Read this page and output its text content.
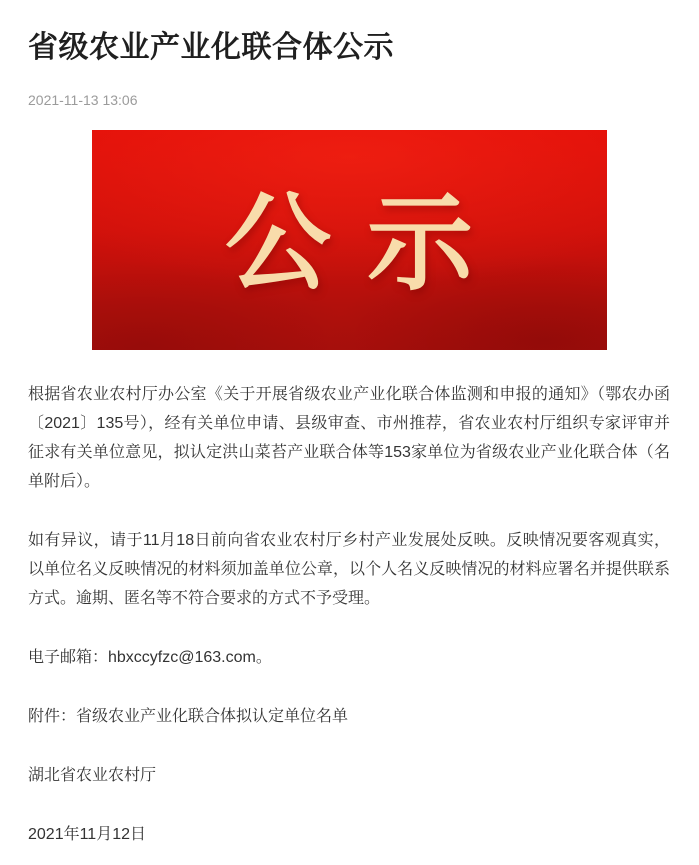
省级农业产业化联合体公示
2021-11-13 13:06
公示

根据省农业农村厅办公室《关于开展省级农业产业化联合体监测和申报的通知》（鄂农办函〔2021〕135号），经有关单位申请、县级审查、市州推荐，省农业农村厅组织专家评审并征求有关单位意见，拟认定洪山菜苔产业联合体等153家单位为省级农业产业化联合体（名单附后）。

如有异议，请于11月18日前向省农业农村厅乡村产业发展处反映。反映情况要客观真实，以单位名义反映情况的材料须加盖单位公章，以个人名义反映情况的材料应署名并提供联系方式。逾期、匿名等不符合要求的方式不予受理。

电子邮箱：hbxccyfzc@163.com。

附件：省级农业产业化联合体拟认定单位名单

湖北省农业农村厅

2021年11月12日
